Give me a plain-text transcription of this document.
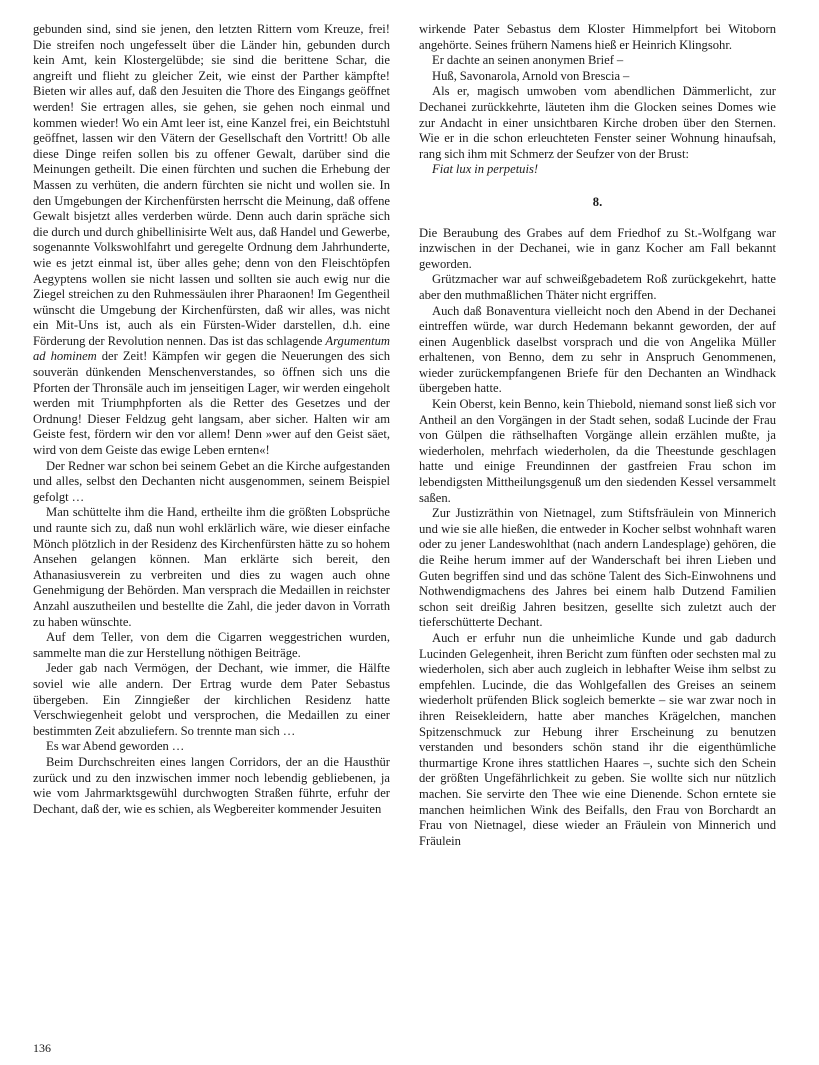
gebunden sind, sind sie jenen, den letzten Rittern vom Kreuze, frei! Die streifen noch ungefesselt über die Länder hin, gebunden durch kein Amt, kein Klostergelübde; sie sind die berittene Schar, die angreift und flieht zu gleicher Zeit, wie einst der Parther kämpfte! Bieten wir alles auf, daß den Jesuiten die Thore des Eingangs geöffnet werden! Sie ertragen alles, sie gehen, sie gehen noch einmal und kommen wieder! Wo ein Amt leer ist, eine Kanzel frei, ein Beichtstuhl geöffnet, lassen wir den Vätern der Gesellschaft den Vortritt! Ob alle diese Dinge reifen sollen bis zu offener Gewalt, darüber sind die Meinungen getheilt. Die einen fürchten und suchen die Erhebung der Massen zu verhüten, die andern fürchten sie nicht und wollen sie. In den Umgebungen der Kirchenfürsten herrscht die Meinung, daß offene Gewalt bisjetzt alles verderben würde. Denn auch darin spräche sich die durch und durch ghibellinisirte Welt aus, daß Handel und Gewerbe, sogenannte Volkswohlfahrt und geregelte Ordnung dem Jahrhunderte, wie es jetzt einmal ist, über alles gehe; denn von den Fleischtöpfen Aegyptens wollen sie nicht lassen und sollten sie auch ewig nur die Ziegel streichen zu den Ruhmessäulen ihrer Pharaonen! Im Gegentheil wünscht die Umgebung der Kirchenfürsten, daß wir alles, was nicht ein Mit-Uns ist, auch als ein Fürsten-Wider darstellen, d.h. eine Förderung der Revolution nennen. Das ist das schlagende Argumentum ad hominem der Zeit! Kämpfen wir gegen die Neuerungen des sich souverän dünkenden Menschenverstandes, so öffnen sich uns die Pforten der Thronsäle auch im jenseitigen Lager, wir werden eingeholt werden mit Triumphpforten als die Retter des Gesetzes und der Ordnung! Dieser Feldzug geht langsam, aber sicher. Halten wir am Geiste fest, fördern wir den vor allem! Denn »wer auf den Geist säet, wird von dem Geiste das ewige Leben ernten«!

Der Redner war schon bei seinem Gebet an die Kirche aufgestanden und alles, selbst den Dechanten nicht ausgenommen, seinem Beispiel gefolgt …

Man schüttelte ihm die Hand, ertheilte ihm die größten Lobsprüche und raunte sich zu, daß nun wohl erklärlich wäre, wie dieser einfache Mönch plötzlich in der Residenz des Kirchenfürsten hätte zu so hohem Ansehen gelangen können. Man erklärte sich bereit, den Athanasiusverein zu verbreiten und dies zu wagen auch ohne Genehmigung der Behörden. Man versprach die Medaillen in reichster Anzahl auszutheilen und bestellte die Zahl, die jeder davon in Vorrath zu haben wünschte.

Auf dem Teller, von dem die Cigarren weggestrichen wurden, sammelte man die zur Herstellung nöthigen Beiträge.

Jeder gab nach Vermögen, der Dechant, wie immer, die Hälfte soviel wie alle andern. Der Ertrag wurde dem Pater Sebastus übergeben. Ein Zinngießer der kirchlichen Residenz hatte Verschwiegenheit gelobt und versprochen, die Medaillen zu einer bestimmten Zeit abzuliefern. So trennte man sich …

Es war Abend geworden …

Beim Durchschreiten eines langen Corridors, der an die Hausthür zurück und zu den inzwischen immer noch lebendig gebliebenen, ja wie vom Jahrmarktsgewühl durchwogten Straßen führte, erfuhr der Dechant, daß der, wie es schien, als Wegbereiter kommender Jesuiten

wirkende Pater Sebastus dem Kloster Himmelpfort bei Witoborn angehörte. Seines frühern Namens hieß er Heinrich Klingsohr.

Er dachte an seinen anonymen Brief –

Huß, Savonarola, Arnold von Brescia –

Als er, magisch umwoben vom abendlichen Dämmerlicht, zur Dechanei zurückkehrte, läuteten ihm die Glocken seines Domes wie zur Andacht in einer unsichtbaren Kirche droben über den Sternen. Wie er in die schon erleuchteten Fenster seiner Wohnung hinaufsah, rang sich ihm mit Schmerz der Seufzer von der Brust:

Fiat lux in perpetuis!

8.

Die Beraubung des Grabes auf dem Friedhof zu St.-Wolfgang war inzwischen in der Dechanei, wie in ganz Kocher am Fall bekannt geworden.

Grützmacher war auf schweißgebadetem Roß zurückgekehrt, hatte aber den muthmaßlichen Thäter nicht ergriffen.

Auch daß Bonaventura vielleicht noch den Abend in der Dechanei eintreffen würde, war durch Hedemann bekannt geworden, der auf einen Augenblick daselbst vorsprach und die von Angelika Müller erhaltenen, von Benno, dem zu sehr in Anspruch Genommenen, wieder zurückempfangenen Briefe für den Dechanten an Windhack übergeben hatte.

Kein Oberst, kein Benno, kein Thiebold, niemand sonst ließ sich vor Antheil an den Vorgängen in der Stadt sehen, sodaß Lucinde der Frau von Gülpen die räthselhaften Vorgänge allein erzählen mußte, ja wiederholen, mehrfach wiederholen, da die Theestunde geschlagen hatte und einige Freundinnen der gastfreien Frau schon im lebendigsten Mittheilungsgenuß um den siedenden Kessel versammelt saßen.

Zur Justizräthin von Nietnagel, zum Stiftsfräulein von Minnerich und wie sie alle hießen, die entweder in Kocher selbst wohnhaft waren oder zu jener Landeswohlthat (nach andern Landesplage) gehören, die die Reihe herum immer auf der Wanderschaft bei ihren Lieben und Guten begriffen sind und das schöne Talent des Sich-Einwohnens und Nothwendigmachens des Jahres bei einem halb Dutzend Familien schon seit dreißig Jahren besitzen, gesellte sich zuletzt auch der tieferschütterte Dechant.

Auch er erfuhr nun die unheimliche Kunde und gab dadurch Lucinden Gelegenheit, ihren Bericht zum fünften oder sechsten mal zu wiederholen, sich aber auch zugleich in lebhafter Weise ihm selbst zu empfehlen. Lucinde, die das Wohlgefallen des Greises an seinem wiederholt prüfenden Blick sogleich bemerkte – sie war zwar noch in ihren Reisekleidern, hatte aber manches Krägelchen, manchen Spitzenschmuck zur Hebung ihrer Erscheinung zu benutzen verstanden und besonders schön stand ihr die eigenthümliche thurmartige Krone ihres stattlichen Haares –, suchte sich den Schein der größten Ungefährlichkeit zu geben. Sie wollte sich nur nützlich machen. Sie servirte den Thee wie eine Dienende. Schon erntete sie manchen heimlichen Wink des Beifalls, den Frau von Borchardt an Frau von Nietnagel, diese wieder an Fräulein von Minnerich und Fräulein

136
